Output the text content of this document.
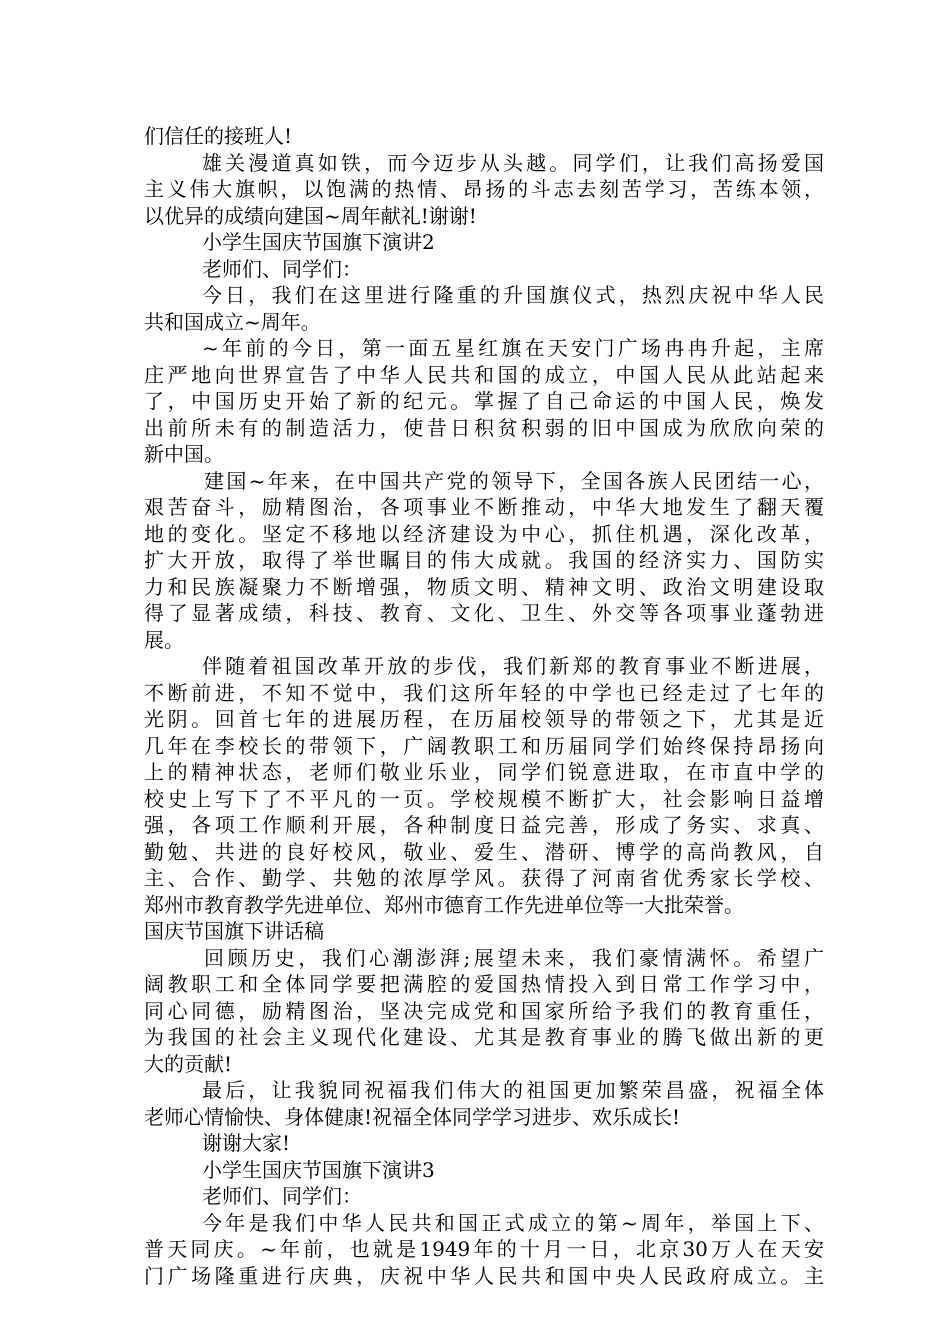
们信任的接班人!
雄关漫道真如铁，而今迈步从头越。同学们，让我们高扬爱国
主义伟大旗帜，以饱满的热情、昂扬的斗志去刻苦学习，苦练本领，
以优异的成绩向建国~周年献礼!谢谢!
小学生国庆节国旗下演讲2
老师们、同学们：
今日，我们在这里进行隆重的升国旗仪式，热烈庆祝中华人民
共和国成立~周年。
~年前的今日，第一面五星红旗在天安门广场冉冉升起，主席
庄严地向世界宣告了中华人民共和国的成立，中国人民从此站起来
了，中国历史开始了新的纪元。掌握了自己命运的中国人民，焕发
出前所未有的制造活力，使昔日积贫积弱的旧中国成为欣欣向荣的
新中国。
建国~年来，在中国共产党的领导下，全国各族人民团结一心，
艰苦奋斗，励精图治，各项事业不断推动，中华大地发生了翻天覆
地的变化。坚定不移地以经济建设为中心，抓住机遇，深化改革，
扩大开放，取得了举世瞩目的伟大成就。我国的经济实力、国防实
力和民族凝聚力不断增强，物质文明、精神文明、政治文明建设取
得了显著成绩，科技、教育、文化、卫生、外交等各项事业蓬勃进
展。
伴随着祖国改革开放的步伐，我们新郑的教育事业不断进展，
不断前进，不知不觉中，我们这所年轻的中学也已经走过了七年的
光阴。回首七年的进展历程，在历届校领导的带领之下，尤其是近
几年在李校长的带领下，广阔教职工和历届同学们始终保持昂扬向
上的精神状态，老师们敬业乐业，同学们锐意进取，在市直中学的
校史上写下了不平凡的一页。学校规模不断扩大，社会影响日益增
强，各项工作顺利开展，各种制度日益完善，形成了务实、求真、
勤勉、共进的良好校风，敬业、爱生、潜研、博学的高尚教风，自
主、合作、勤学、共勉的浓厚学风。获得了河南省优秀家长学校、
郑州市教育教学先进单位、郑州市德育工作先进单位等一大批荣誉。
国庆节国旗下讲话稿
回顾历史，我们心潮澎湃;展望未来，我们豪情满怀。希望广
阔教职工和全体同学要把满腔的爱国热情投入到日常工作学习中，
同心同德，励精图治，坚决完成党和国家所给予我们的教育重任，
为我国的社会主义现代化建设、尤其是教育事业的腾飞做出新的更
大的贡献!
最后，让我貌同祝福我们伟大的祖国更加繁荣昌盛，祝福全体
老师心情愉快、身体健康!祝福全体同学学习进步、欢乐成长!
谢谢大家!
小学生国庆节国旗下演讲3
老师们、同学们：
今年是我们中华人民共和国正式成立的第~周年，举国上下、
普天同庆。~年前，也就是1949年的十月一日，北京30万人在天安
门广场隆重进行庆典，庆祝中华人民共和国中央人民政府成立。主
